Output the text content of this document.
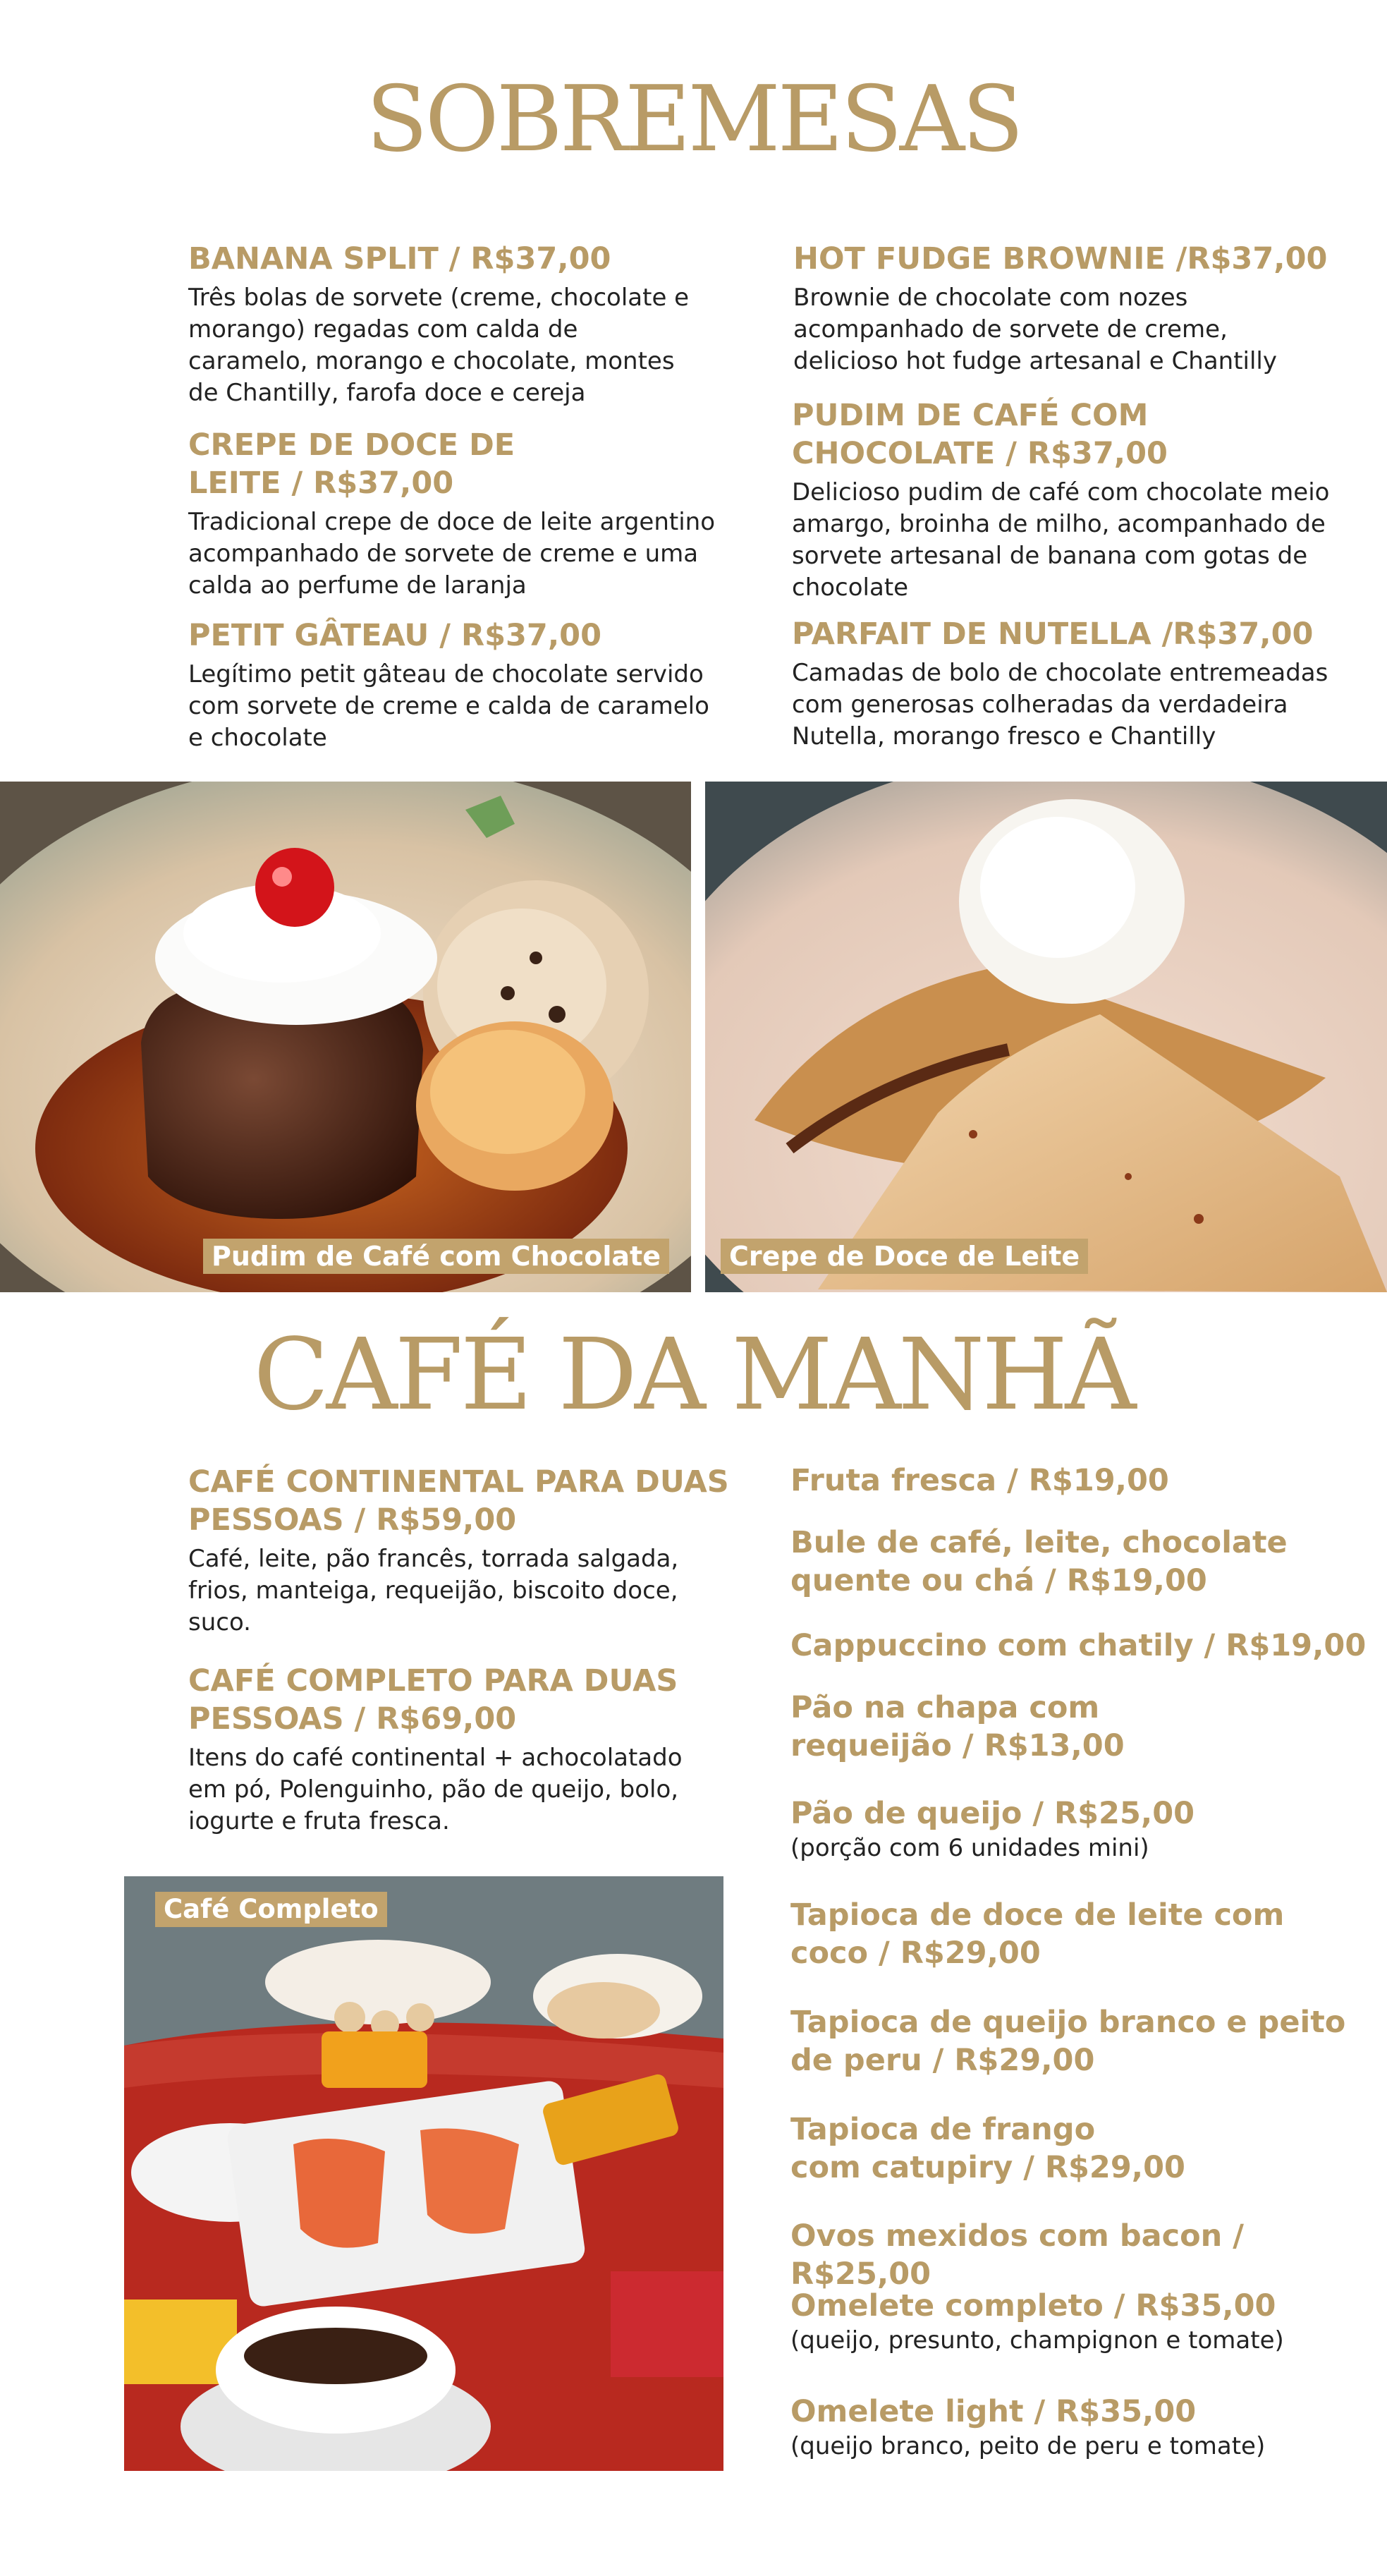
SOBREMESAS

BANANA SPLIT / R$37,00

Três bolas de sorvete (creme, chocolate e
morango) regadas com calda de
caramelo, morango e chocolate, montes
de Chantilly, farofa doce e cereja

CREPE DE DOCE DE
LEITE / R$37,00

Tradicional crepe de doce de leite argentino
acompanhado de sorvete de creme e uma
calda ao perfume de laranja

PETIT GÂTEAU / R$37,00

Legítimo petit gâteau de chocolate servido
com sorvete de creme e calda de caramelo
e chocolate

HOT FUDGE BROWNIE /R$37,00

Brownie de chocolate com nozes
acompanhado de sorvete de creme,
delicioso hot fudge artesanal e Chantilly

PUDIM DE CAFÉ COM
CHOCOLATE / R$37,00

Delicioso pudim de café com chocolate meio
amargo, broinha de milho, acompanhado de
sorvete artesanal de banana com gotas de
chocolate

PARFAIT DE NUTELLA /R$37,00

Camadas de bolo de chocolate entremeadas
com generosas colheradas da verdadeira
Nutella, morango fresco e Chantilly

Pudim de Café com Chocolate	Crepe de Doce de Leite
CAFÉ DA MANHÃ

CAFÉ CONTINENTAL PARA DUAS
PESSOAS / R$59,00

Café, leite, pão francês, torrada salgada,
frios, manteiga, requeijão, biscoito doce,
suco.

CAFÉ COMPLETO PARA DUAS
PESSOAS / R$69,00

Itens do café continental + achocolatado
em pó, Polenguinho, pão de queijo, bolo,
iogurte e fruta fresca.

Café Completo

Fruta fresca / R$19,00

Bule de café, leite, chocolate
quente ou chá / R$19,00

Cappuccino com chatily / R$19,00

Pão na chapa com
requeijão / R$13,00

Pão de queijo / R$25,00

(porção com 6 unidades mini)

Tapioca de doce de leite com
coco / R$29,00

Tapioca de queijo branco e peito
de peru / R$29,00

Tapioca de frango
com catupiry / R$29,00

Ovos mexidos com bacon / R$25,00

Omelete completo / R$35,00

(queijo, presunto, champignon e tomate)

Omelete light / R$35,00

(queijo branco, peito de peru e tomate)
